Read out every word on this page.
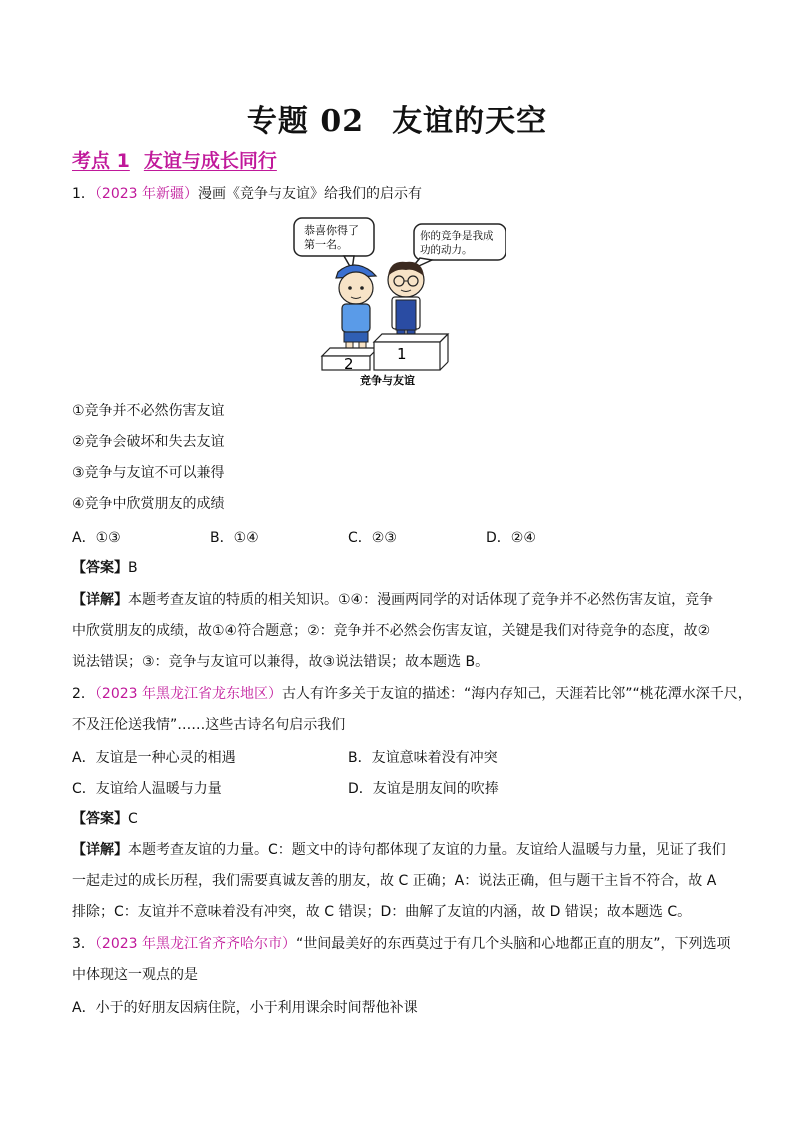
专题 02 友谊的天空
考点 1 友谊与成长同行
1．（2023 年新疆）漫画《竞争与友谊》给我们的启示有
恭喜你得了
第一名。
你的竞争是我成
功的动力。
2
1
竞争与友谊
①竞争并不必然伤害友谊
②竞争会破坏和失去友谊
③竞争与友谊不可以兼得
④竞争中欣赏朋友的成绩
A．①③	B．①④	C．②③	D．②④
【答案】B
【详解】本题考查友谊的特质的相关知识。①④：漫画两同学的对话体现了竞争并不必然伤害友谊，竞争
中欣赏朋友的成绩，故①④符合题意；②：竞争并不必然会伤害友谊，关键是我们对待竞争的态度，故②
说法错误；③：竞争与友谊可以兼得，故③说法错误；故本题选 B。
2．（2023 年黑龙江省龙东地区）古人有许多关于友谊的描述：“海内存知己，天涯若比邻”“桃花潭水深千尺，
不及汪伦送我情”……这些古诗名句启示我们
A．友谊是一种心灵的相遇	B．友谊意味着没有冲突
C．友谊给人温暖与力量	D．友谊是朋友间的吹捧
【答案】C
【详解】本题考查友谊的力量。C：题文中的诗句都体现了友谊的力量。友谊给人温暖与力量，见证了我们
一起走过的成长历程，我们需要真诚友善的朋友，故 C 正确；A：说法正确，但与题干主旨不符合，故 A
排除；C：友谊并不意味着没有冲突，故 C 错误；D：曲解了友谊的内涵，故 D 错误；故本题选 C。
3．（2023 年黑龙江省齐齐哈尔市）“世间最美好的东西莫过于有几个头脑和心地都正直的朋友”，下列选项
中体现这一观点的是
A．小于的好朋友因病住院，小于利用课余时间帮他补课
